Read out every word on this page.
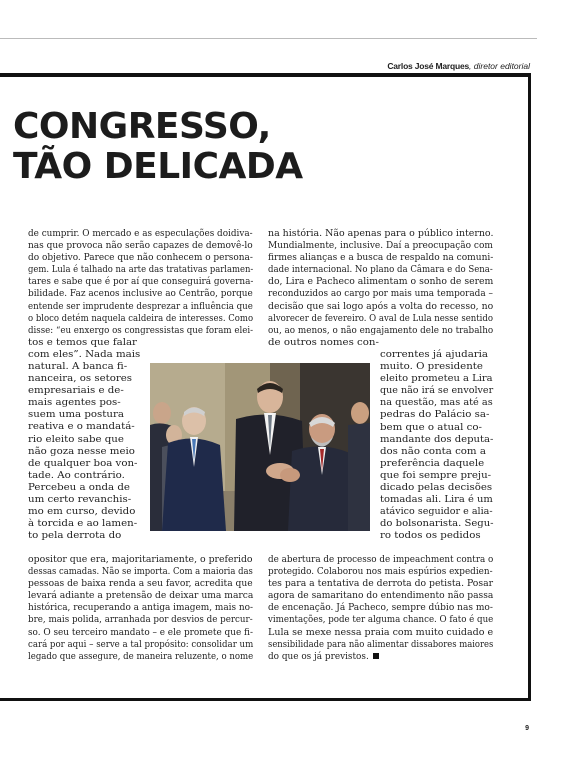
Carlos José Marques, diretor editorial
CONGRESSO,
TÃO DELICADA
de cumprir. O mercado e as especulações doidiva-
nas que provoca não serão capazes de demovê-lo
do objetivo. Parece que não conhecem o persona-
gem. Lula é talhado na arte das tratativas parlamen-
tares e sabe que é por aí que conseguirá governa-
bilidade. Faz acenos inclusive ao Centrão, porque
entende ser imprudente desprezar a influência que
o bloco detém naquela caldeira de interesses. Como
disse: “eu enxergo os congressistas que foram elei-
tos e temos que falar
com eles”. Nada mais
natural. A banca fi-
nanceira, os setores
empresariais e de-
mais agentes pos-
suem uma postura
reativa e o mandatá-
rio eleito sabe que
não goza nesse meio
de qualquer boa von-
tade. Ao contrário.
Percebeu a onda de
um certo revanchis-
mo em curso, devido
à torcida e ao lamen-
to pela derrota do
opositor que era, majoritariamente, o preferido
dessas camadas. Não se importa. Com a maioria das
pessoas de baixa renda a seu favor, acredita que
levará adiante a pretensão de deixar uma marca
histórica, recuperando a antiga imagem, mais no-
bre, mais polida, arranhada por desvios de percur-
so. O seu terceiro mandato – e ele promete que fi-
cará por aqui – serve a tal propósito: consolidar um
legado que assegure, de maneira reluzente, o nome
na história. Não apenas para o público interno.
Mundialmente, inclusive. Daí a preocupação com
firmes alianças e a busca de respaldo na comuni-
dade internacional. No plano da Câmara e do Sena-
do, Lira e Pacheco alimentam o sonho de serem
reconduzidos ao cargo por mais uma temporada –
decisão que sai logo após a volta do recesso, no
alvorecer de fevereiro. O aval de Lula nesse sentido
ou, ao menos, o não engajamento dele no trabalho
de outros nomes con-
correntes já ajudaria
muito. O presidente
eleito prometeu a Lira
que não irá se envolver
na questão, mas até as
pedras do Palácio sa-
bem que o atual co-
mandante dos deputa-
dos não conta com a
preferência daquele
que foi sempre preju-
dicado pelas decisões
tomadas ali. Lira é um
atávico seguidor e alia-
do bolsonarista. Segu-
ro todos os pedidos
de abertura de processo de impeachment contra o
protegido. Colaborou nos mais espúrios expedien-
tes para a tentativa de derrota do petista. Posar
agora de samaritano do entendimento não passa
de encenação. Já Pacheco, sempre dúbio nas mo-
vimentações, pode ter alguma chance. O fato é que
Lula se mexe nessa praia com muito cuidado e
sensibilidade para não alimentar dissabores maiores
do que os já previstos.
9
